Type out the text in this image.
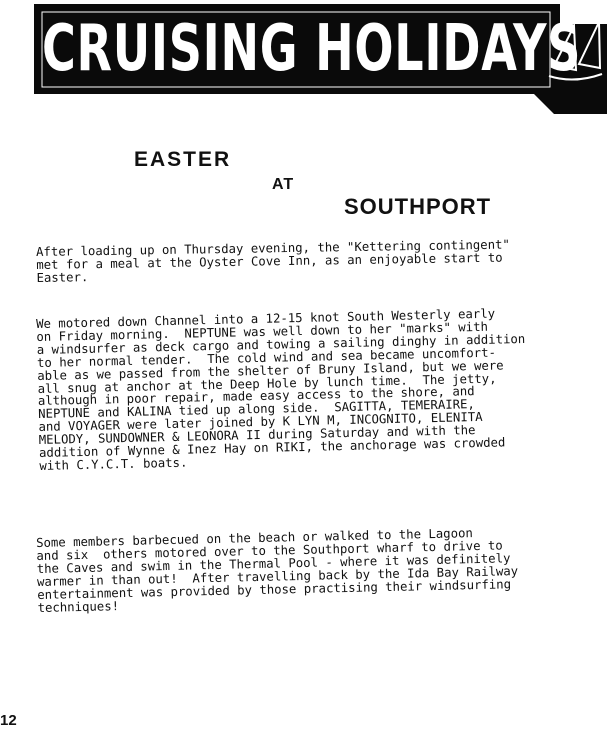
CRUISING HOLIDAYS
EASTER
AT
SOUTHPORT
After loading up on Thursday evening, the "Kettering contingent"
met for a meal at the Oyster Cove Inn, as an enjoyable start to
Easter.
We motored down Channel into a 12-15 knot South Westerly early
on Friday morning.  NEPTUNE was well down to her "marks" with
a windsurfer as deck cargo and towing a sailing dinghy in addition
to her normal tender.  The cold wind and sea became uncomfort-
able as we passed from the shelter of Bruny Island, but we were
all snug at anchor at the Deep Hole by lunch time.  The jetty,
although in poor repair, made easy access to the shore, and
NEPTUNE and KALINA tied up along side.  SAGITTA, TEMERAIRE,
and VOYAGER were later joined by K LYN M, INCOGNITO, ELENITA
MELODY, SUNDOWNER & LEONORA II during Saturday and with the
addition of Wynne & Inez Hay on RIKI, the anchorage was crowded
with C.Y.C.T. boats.
Some members barbecued on the beach or walked to the Lagoon
and six  others motored over to the Southport wharf to drive to
the Caves and swim in the Thermal Pool - where it was definitely
warmer in than out!  After travelling back by the Ida Bay Railway
entertainment was provided by those practising their windsurfing
techniques!
12
